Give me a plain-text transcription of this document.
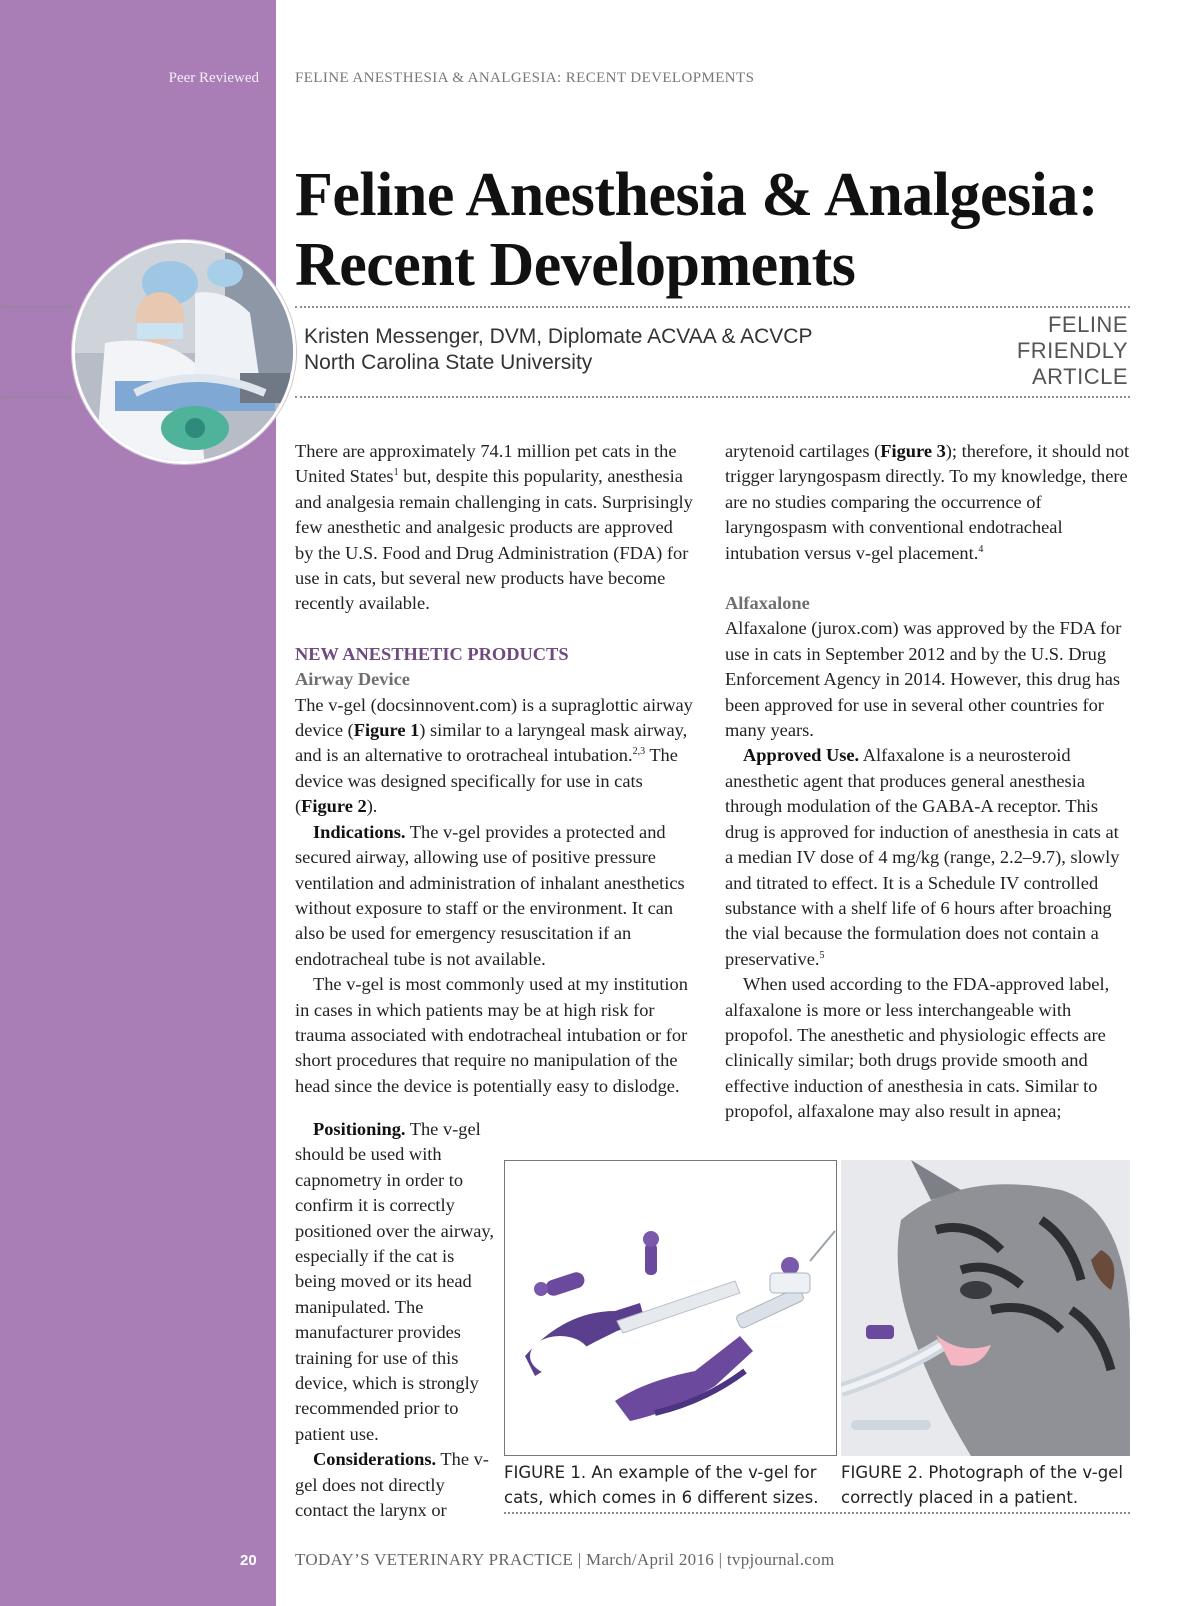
Peer Reviewed FELINE ANESTHESIA & ANALGESIA: RECENT DEVELOPMENTS
Feline Anesthesia & Analgesia:
Recent Developments
Kristen Messenger, DVM, Diplomate ACVAA & ACVCP
North Carolina State University
FELINE
FRIENDLY
ARTICLE

There are approximately 74.1 million pet cats in the United States$^1$ but, despite this popularity, anesthesia and analgesia remain challenging in cats. Surprisingly few anesthetic and analgesic products are approved by the U.S. Food and Drug Administration (FDA) for use in cats, but several new products have become recently available.

NEW ANESTHETIC PRODUCTS

Airway Device

The v-gel (docsinnovent.com) is a supraglottic airway device (Figure 1) similar to a laryngeal mask airway, and is an alternative to orotracheal intubation.$^{2,3}$ The device was designed specifically for use in cats (Figure 2).

Indications. The v-gel provides a protected and secured airway, allowing use of positive pressure ventilation and administration of inhalant anesthetics without exposure to staff or the environment. It can also be used for emergency resuscitation if an endotracheal tube is not available.

The v-gel is most commonly used at my institution in cases in which patients may be at high risk for trauma associated with endotracheal intubation or for short procedures that require no manipulation of the head since the device is potentially easy to dislodge.

Positioning. The v-gel should be used with capnometry in order to confirm it is correctly positioned over the airway, especially if the cat is being moved or its head manipulated. The manufacturer provides training for use of this device, which is strongly recommended prior to patient use.

Considerations. The v-gel does not directly contact the larynx or

arytenoid cartilages (Figure 3); therefore, it should not trigger laryngospasm directly. To my knowledge, there are no studies comparing the occurrence of laryngospasm with conventional endotracheal intubation versus v-gel placement.$^4$

Alfaxalone

Alfaxalone (jurox.com) was approved by the FDA for use in cats in September 2012 and by the U.S. Drug Enforcement Agency in 2014. However, this drug has been approved for use in several other countries for many years.

Approved Use. Alfaxalone is a neurosteroid anesthetic agent that produces general anesthesia through modulation of the GABA-A receptor. This drug is approved for induction of anesthesia in cats at a median IV dose of 4 mg/kg (range, 2.2–9.7), slowly and titrated to effect. It is a Schedule IV controlled substance with a shelf life of 6 hours after broaching the vial because the formulation does not contain a preservative.$^5$

When used according to the FDA-approved label, alfaxalone is more or less interchangeable with propofol. The anesthetic and physiologic effects are clinically similar; both drugs provide smooth and effective induction of anesthesia in cats. Similar to propofol, alfaxalone may also result in apnea;

FIGURE 1. An example of the v-gel for cats, which comes in 6 different sizes.
FIGURE 2. Photograph of the v-gel correctly placed in a patient.
20 TODAY’S VETERINARY PRACTICE | March/April 2016 | tvpjournal.com
